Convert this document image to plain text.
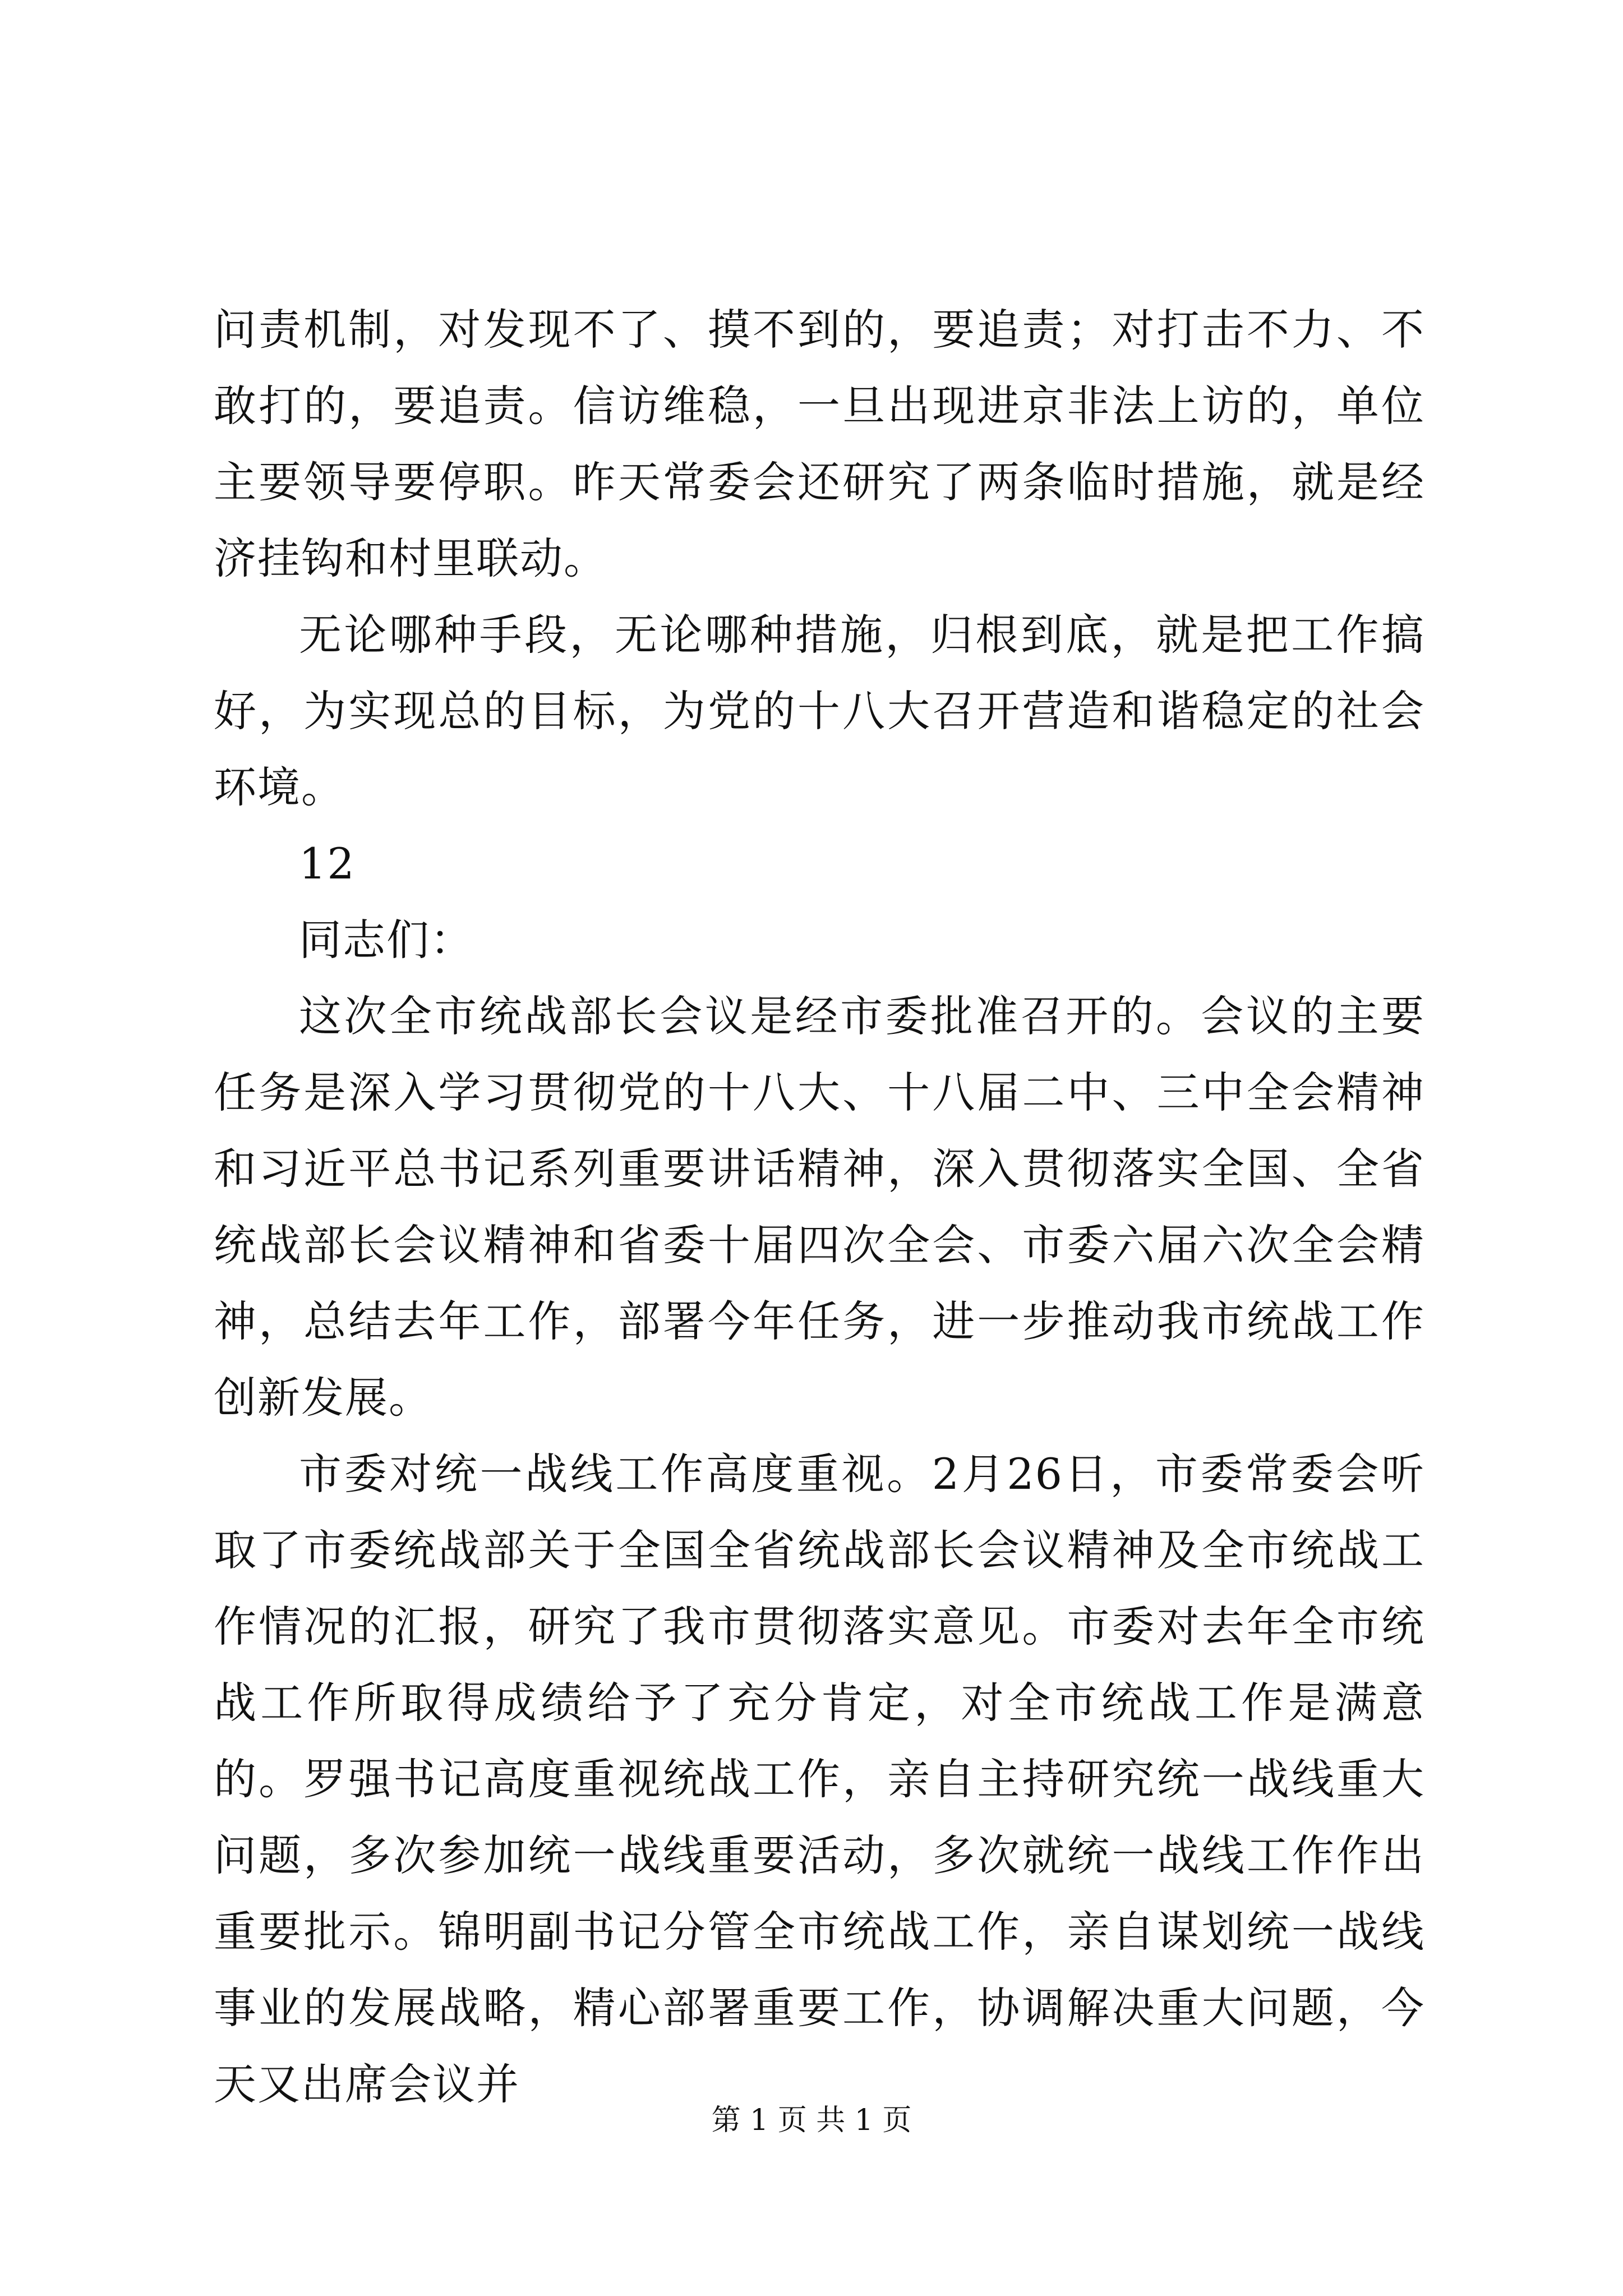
问责机制，对发现不了、摸不到的，要追责；对打击不力、不敢打的，要追责。信访维稳，一旦出现进京非法上访的，单位主要领导要停职。昨天常委会还研究了两条临时措施，就是经济挂钩和村里联动。

无论哪种手段，无论哪种措施，归根到底，就是把工作搞好，为实现总的目标，为党的十八大召开营造和谐稳定的社会环境。

12

同志们：

这次全市统战部长会议是经市委批准召开的。会议的主要任务是深入学习贯彻党的十八大、十八届二中、三中全会精神和习近平总书记系列重要讲话精神，深入贯彻落实全国、全省统战部长会议精神和省委十届四次全会、市委六届六次全会精神，总结去年工作，部署今年任务，进一步推动我市统战工作创新发展。

市委对统一战线工作高度重视。2月26日，市委常委会听取了市委统战部关于全国全省统战部长会议精神及全市统战工作情况的汇报，研究了我市贯彻落实意见。市委对去年全市统战工作所取得成绩给予了充分肯定，对全市统战工作是满意的。罗强书记高度重视统战工作，亲自主持研究统一战线重大问题，多次参加统一战线重要活动，多次就统一战线工作作出重要批示。锦明副书记分管全市统战工作，亲自谋划统一战线事业的发展战略，精心部署重要工作，协调解决重大问题，今天又出席会议并

第 1 页 共 1 页
